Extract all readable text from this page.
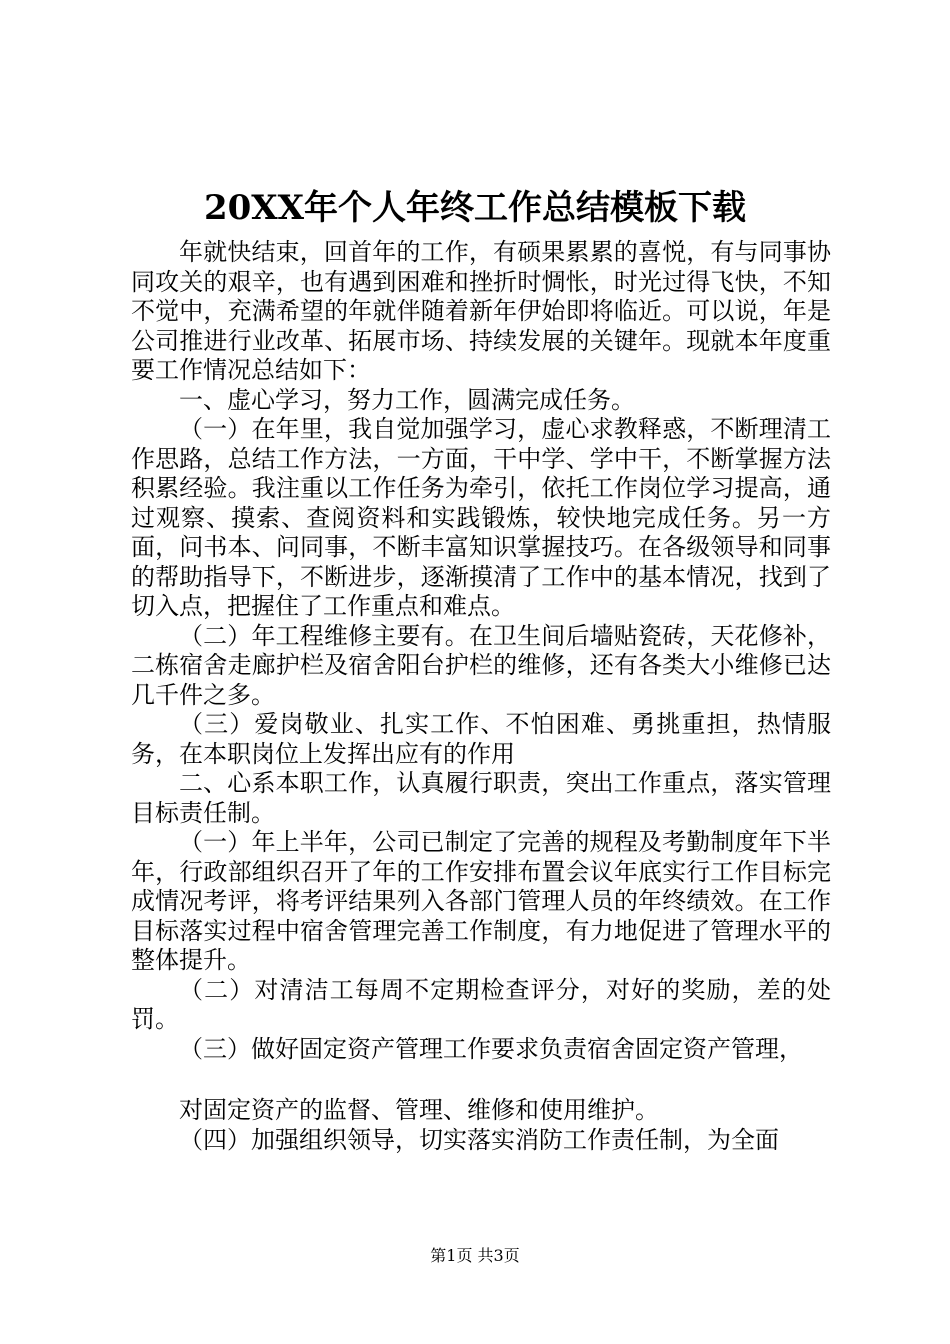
20XX年个人年终工作总结模板下载

年就快结束，回首年的工作，有硕果累累的喜悦，有与同事协同攻关的艰辛，也有遇到困难和挫折时惆怅，时光过得飞快，不知不觉中，充满希望的年就伴随着新年伊始即将临近。可以说，年是公司推进行业改革、拓展市场、持续发展的关键年。现就本年度重要工作情况总结如下：

一、虚心学习，努力工作，圆满完成任务。

（一）在年里，我自觉加强学习，虚心求教释惑，不断理清工作思路，总结工作方法，一方面，干中学、学中干，不断掌握方法积累经验。我注重以工作任务为牵引，依托工作岗位学习提高，通过观察、摸索、查阅资料和实践锻炼，较快地完成任务。另一方面，问书本、问同事，不断丰富知识掌握技巧。在各级领导和同事的帮助指导下，不断进步，逐渐摸清了工作中的基本情况，找到了切入点，把握住了工作重点和难点。

（二）年工程维修主要有。在卫生间后墙贴瓷砖，天花修补，二栋宿舍走廊护栏及宿舍阳台护栏的维修，还有各类大小维修已达几千件之多。

（三）爱岗敬业、扎实工作、不怕困难、勇挑重担，热情服务，在本职岗位上发挥出应有的作用

二、心系本职工作，认真履行职责，突出工作重点，落实管理目标责任制。

（一）年上半年，公司已制定了完善的规程及考勤制度年下半年，行政部组织召开了年的工作安排布置会议年底实行工作目标完成情况考评，将考评结果列入各部门管理人员的年终绩效。在工作目标落实过程中宿舍管理完善工作制度，有力地促进了管理水平的整体提升。

（二）对清洁工每周不定期检查评分，对好的奖励，差的处罚。

（三）做好固定资产管理工作要求负责宿舍固定资产管理，

对固定资产的监督、管理、维修和使用维护。

（四）加强组织领导，切实落实消防工作责任制，为全面

第1页 共3页
